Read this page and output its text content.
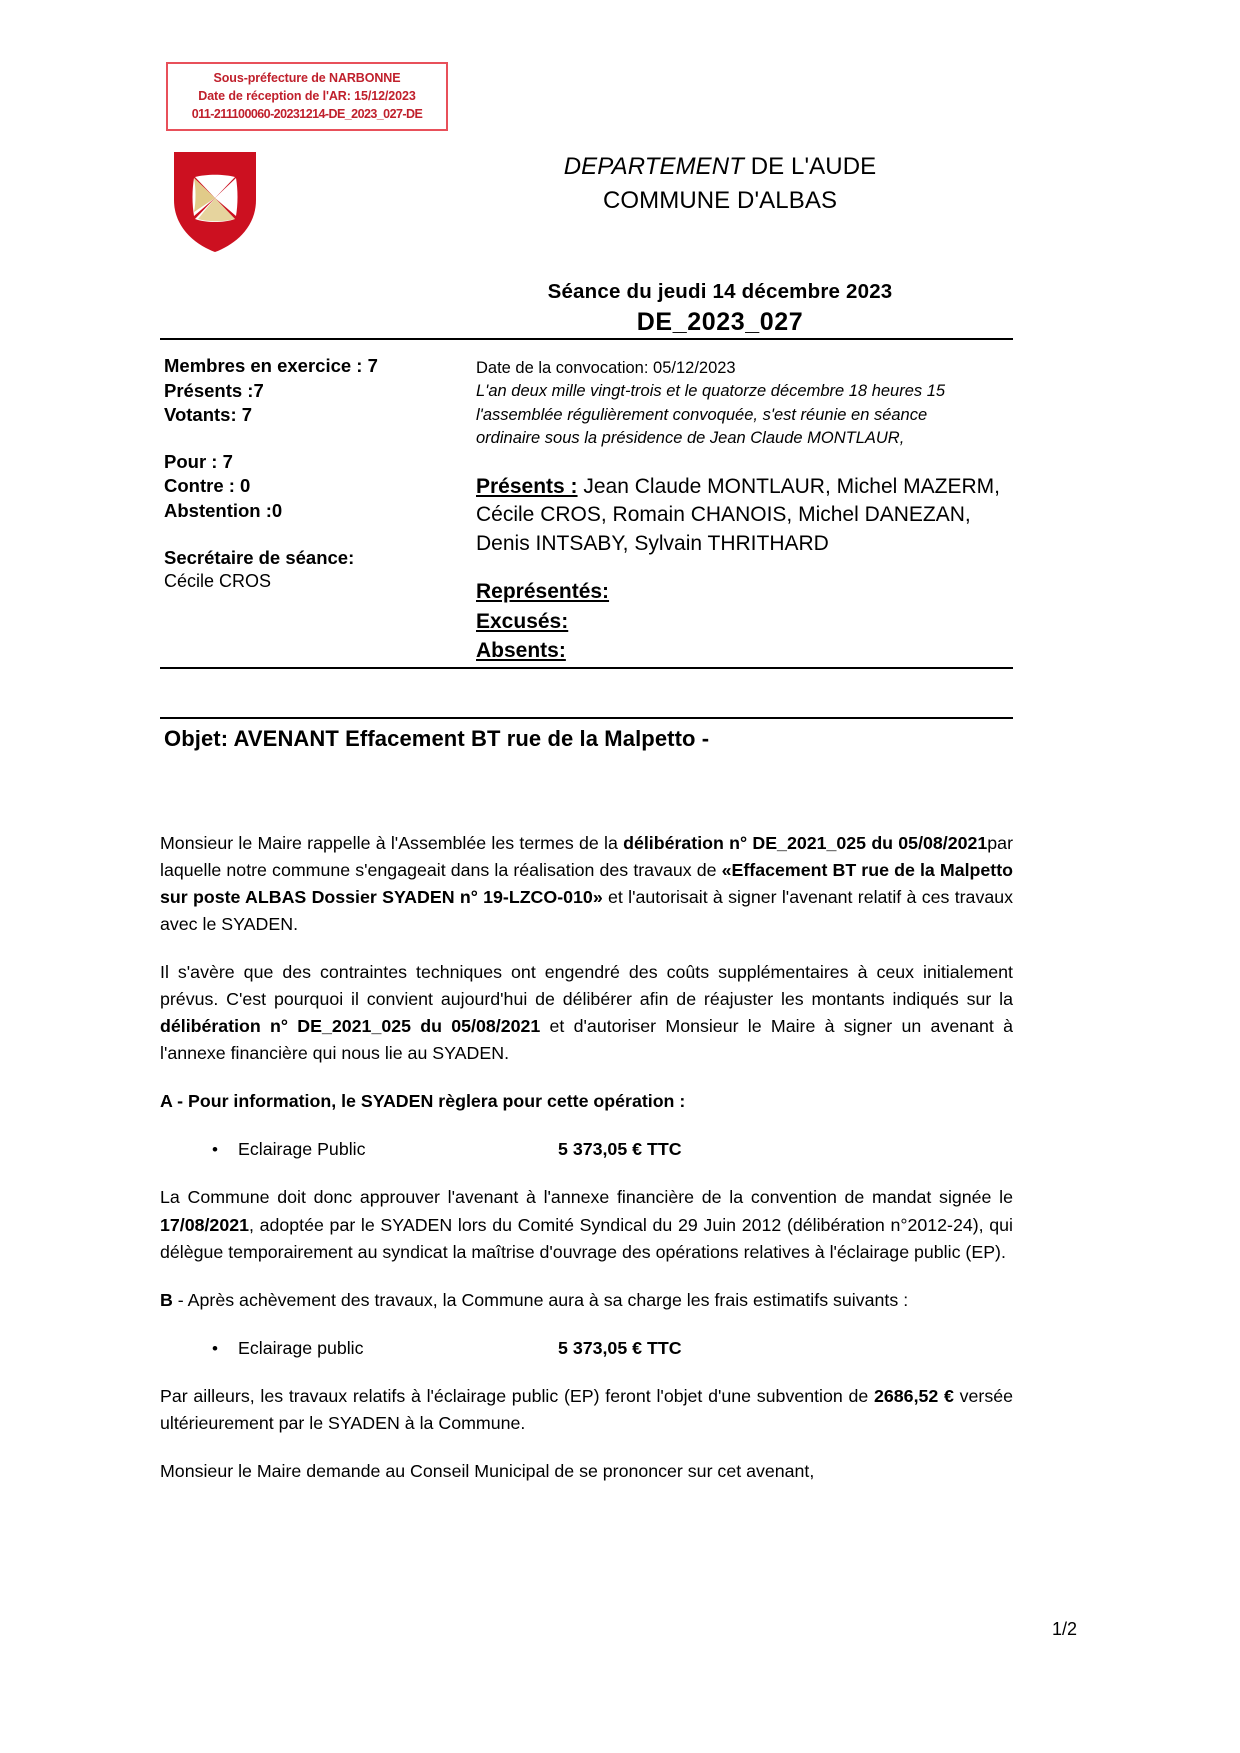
Sous-préfecture de NARBONNE
Date de réception de l'AR: 15/12/2023
011-211100060-20231214-DE_2023_027-DE
DEPARTEMENT DE L'AUDE
COMMUNE D'ALBAS
Séance du jeudi 14 décembre 2023
DE_2023_027
Membres en exercice : 7
Présents :7
Votants: 7
Pour : 7
Contre : 0
Abstention :0
Secrétaire de séance:
Cécile CROS
Date de la convocation: 05/12/2023
L'an deux mille vingt-trois et le quatorze décembre 18 heures 15
l'assemblée régulièrement convoquée, s'est réunie en séance
ordinaire sous la présidence de Jean Claude MONTLAUR,
Présents : Jean Claude MONTLAUR, Michel MAZERM, Cécile CROS, Romain CHANOIS, Michel DANEZAN, Denis INTSABY, Sylvain THRITHARD
Représentés:
Excusés:
Absents:
Objet: AVENANT Effacement BT rue de la Malpetto -

Monsieur le Maire rappelle à l'Assemblée les termes de la délibération n° DE_2021_025 du 05/08/2021par laquelle notre commune s'engageait dans la réalisation des travaux de «Effacement BT rue de la Malpetto sur poste ALBAS Dossier SYADEN n° 19-LZCO-010» et l'autorisait à signer l'avenant relatif à ces travaux avec le SYADEN.

Il s'avère que des contraintes techniques ont engendré des coûts supplémentaires à ceux initialement prévus. C'est pourquoi il convient aujourd'hui de délibérer afin de réajuster les montants indiqués sur la délibération n° DE_2021_025 du 05/08/2021 et d'autoriser Monsieur le Maire à signer un avenant à l'annexe financière qui nous lie au SYADEN.

A - Pour information, le SYADEN règlera pour cette opération :

•	Eclairage Public	5 373,05 € TTC

La Commune doit donc approuver l'avenant à l'annexe financière de la convention de mandat signée le 17/08/2021, adoptée par le SYADEN lors du Comité Syndical du 29 Juin 2012 (délibération n°2012-24), qui délègue temporairement au syndicat la maîtrise d'ouvrage des opérations relatives à l'éclairage public (EP).

B - Après achèvement des travaux, la Commune aura à sa charge les frais estimatifs suivants :

•	Eclairage public	5 373,05 € TTC

Par ailleurs, les travaux relatifs à l'éclairage public (EP) feront l'objet d'une subvention de 2686,52 € versée ultérieurement par le SYADEN à la Commune.

Monsieur le Maire demande au Conseil Municipal de se prononcer sur cet avenant,

1/2
